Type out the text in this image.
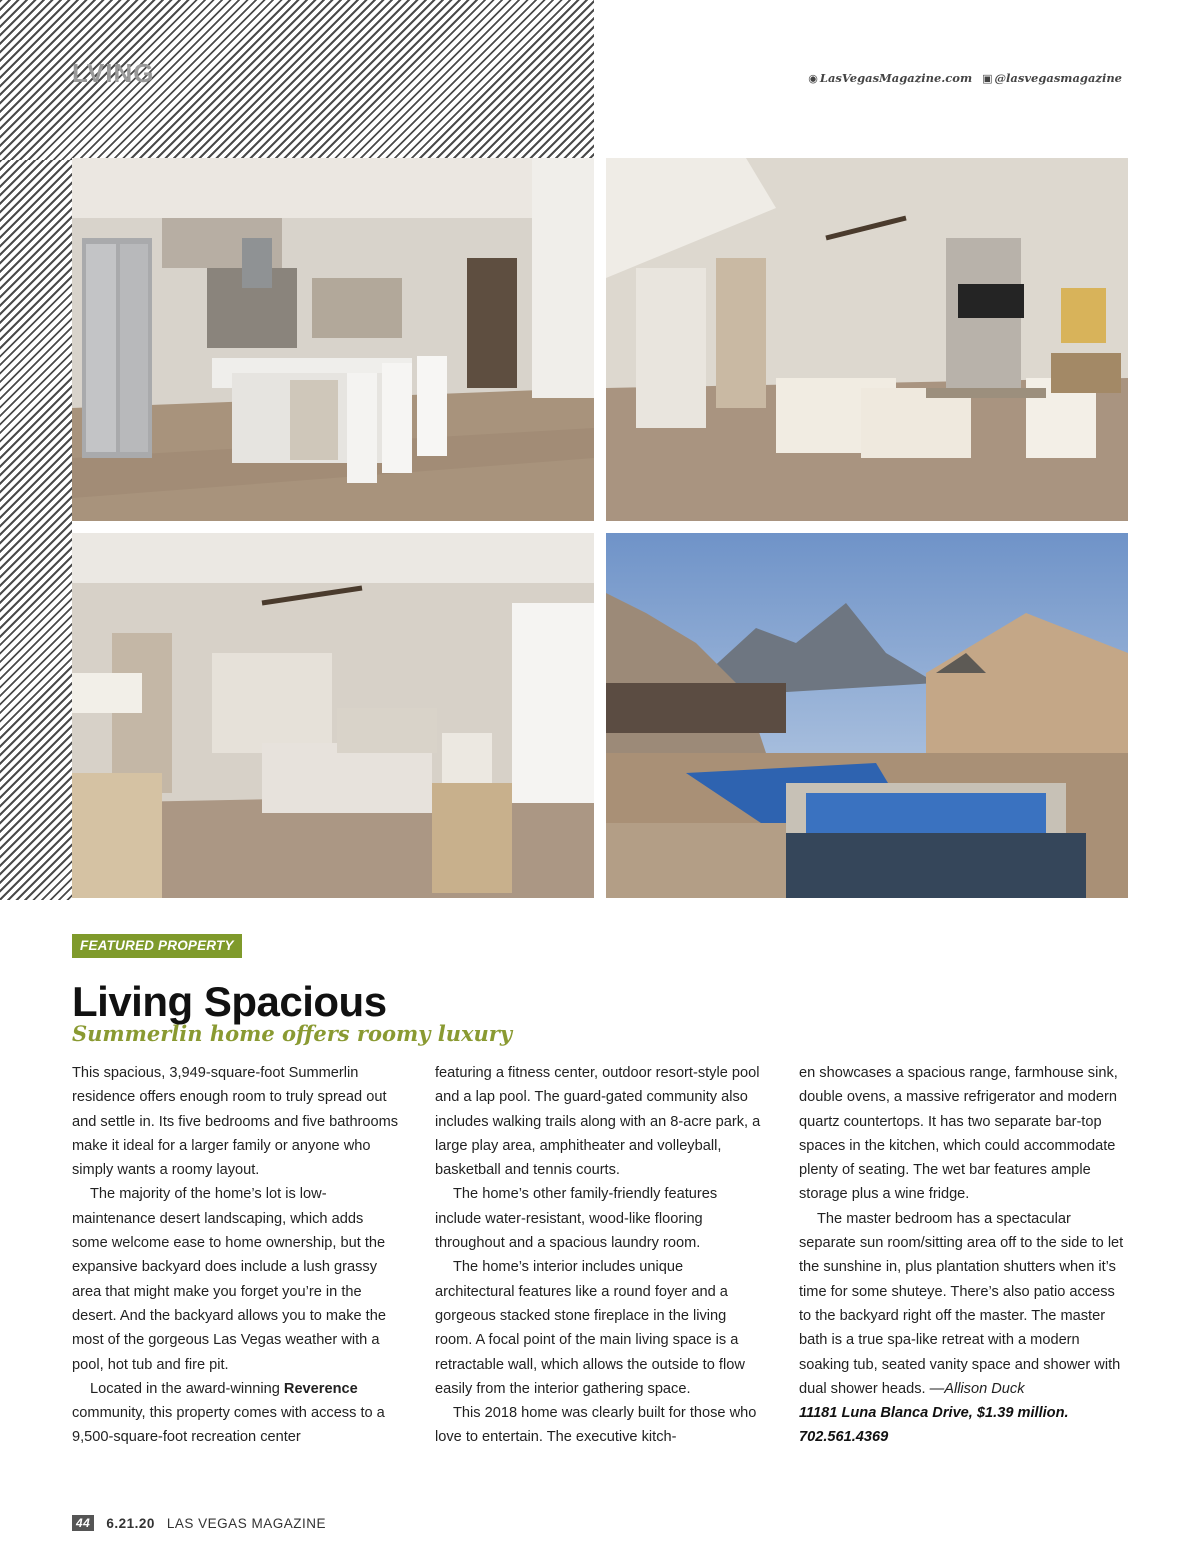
LVING	◉ LasVegasMagazine.com ▣ @lasvegasmagazine
FEATURED PROPERTY
Living Spacious
Summerlin home offers roomy luxury

This spacious, 3,949-square-foot Summerlin residence offers enough room to truly spread out and settle in. Its five bedrooms and five bathrooms make it ideal for a larger family or anyone who simply wants a roomy layout.

The majority of the home’s lot is low-maintenance desert landscaping, which adds some welcome ease to home ownership, but the expansive backyard does include a lush grassy area that might make you forget you’re in the desert. And the backyard allows you to make the most of the gorgeous Las Vegas weather with a pool, hot tub and fire pit.

Located in the award-winning Reverence community, this property comes with access to a 9,500-square-foot recreation center

featuring a fitness center, outdoor resort-style pool and a lap pool. The guard-gated community also includes walking trails along with an 8-acre park, a large play area, amphitheater and volleyball, basketball and tennis courts.

The home’s other family-friendly features include water-resistant, wood-like flooring throughout and a spacious laundry room.

The home’s interior includes unique architectural features like a round foyer and a gorgeous stacked stone fireplace in the living room. A focal point of the main living space is a retractable wall, which allows the outside to flow easily from the interior gathering space.

This 2018 home was clearly built for those who love to entertain. The executive kitch-

en showcases a spacious range, farmhouse sink, double ovens, a massive refrigerator and modern quartz countertops. It has two separate bar-top spaces in the kitchen, which could accommodate plenty of seating. The wet bar features ample storage plus a wine fridge.

The master bedroom has a spectacular separate sun room/sitting area off to the side to let the sunshine in, plus plantation shutters when it’s time for some shuteye. There’s also patio access to the backyard right off the master. The master bath is a true spa-like retreat with a modern soaking tub, seated vanity space and shower with dual shower heads. —Allison Duck

11181 Luna Blanca Drive, $1.39 million.

702.561.4369

44 6.21.20 LAS VEGAS MAGAZINE
